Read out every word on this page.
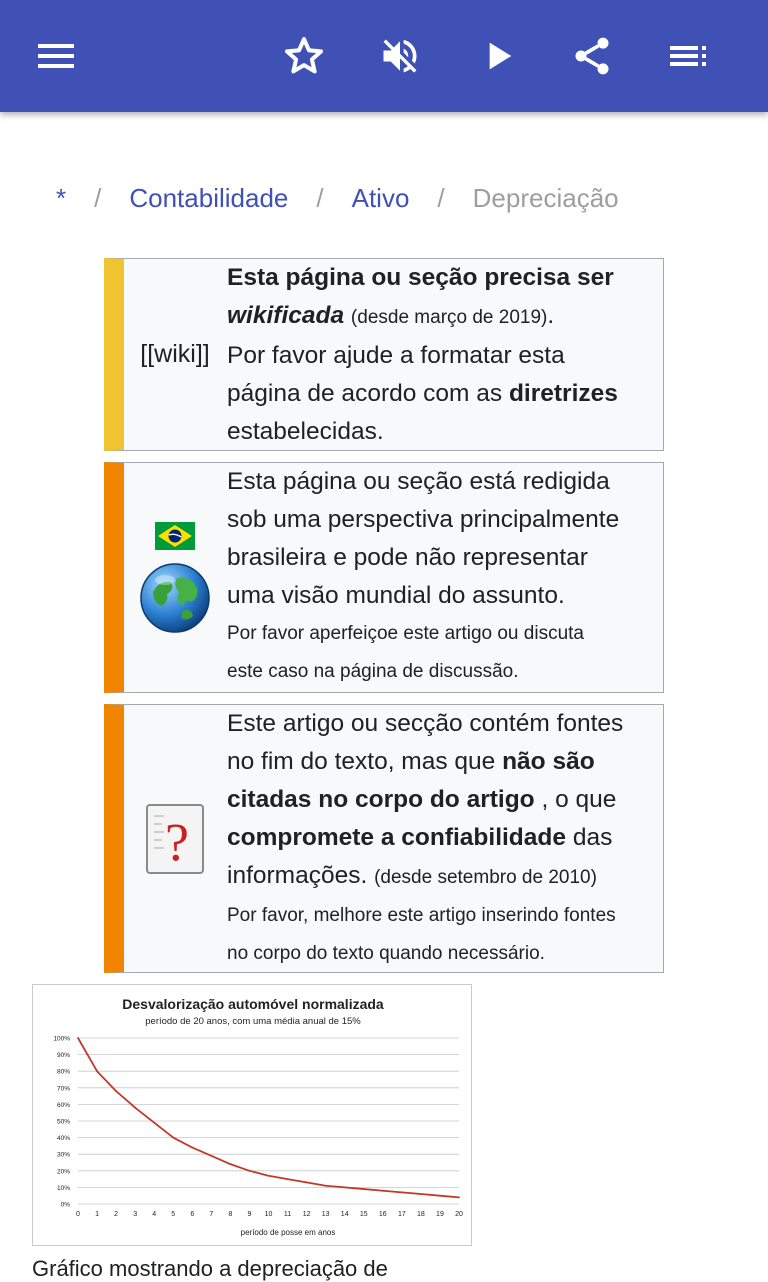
* / Contabilidade / Ativo / Depreciação
[[wiki]]
Esta página ou seção precisa ser
wikificada (desde março de 2019).
Por favor ajude a formatar esta
página de acordo com as diretrizes
estabelecidas.
Esta página ou seção está redigida
sob uma perspectiva principalmente
brasileira e pode não representar
uma visão mundial do assunto.
Por favor aperfeiçoe este artigo ou discuta
este caso na página de discussão.
?
Este artigo ou secção contém fontes
no fim do texto, mas que não são
citadas no corpo do artigo , o que
compromete a confiabilidade das
informações. (desde setembro de 2010)
Por favor, melhore este artigo inserindo fontes
no corpo do texto quando necessário.
Desvalorização automóvel normalizada
período de 20 anos, com uma média anual de 15%
0%
10%
20%
30%
40%
50%
60%
70%
80%
90%
100%
0 1 2 3 4 5 6 7 8 9 10 11 12 13 14 15 16 17 18 19 20
período de posse em anos
Gráfico mostrando a depreciação de
